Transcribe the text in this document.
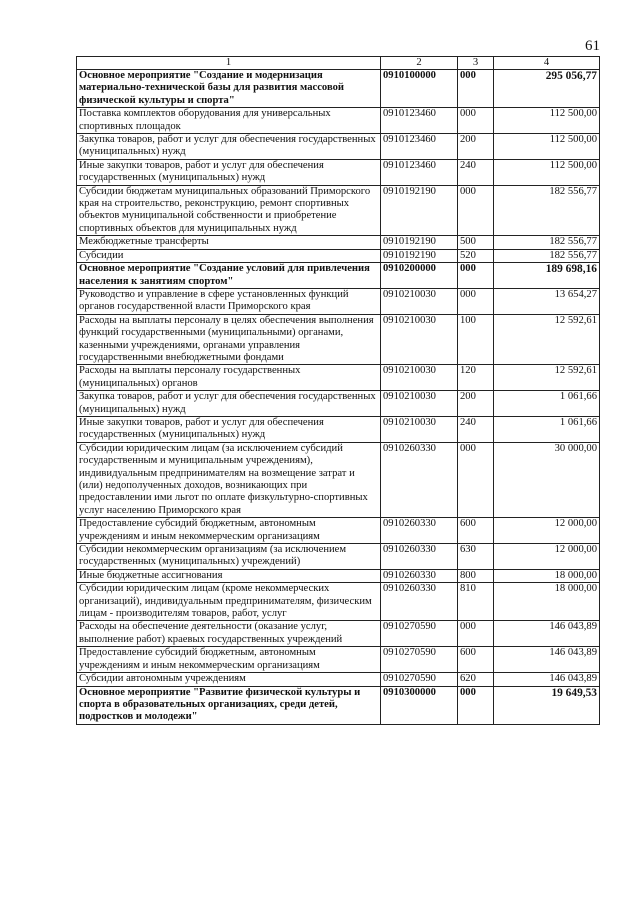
61
1	2	3	4
Основное мероприятие "Создание и модернизация материально-технической базы для развития массовой физической культуры и спорта"	0910100000	000	295 056,77
Поставка комплектов оборудования для универсальных спортивных площадок	0910123460	000	112 500,00
Закупка товаров, работ и услуг для обеспечения государственных (муниципальных) нужд	0910123460	200	112 500,00
Иные закупки товаров, работ и услуг для обеспечения государственных (муниципальных) нужд	0910123460	240	112 500,00
Субсидии бюджетам муниципальных образований Приморского края на строительство, реконструкцию, ремонт спортивных объектов муниципальной собственности и приобретение спортивных объектов для муниципальных нужд	0910192190	000	182 556,77
Межбюджетные трансферты	0910192190	500	182 556,77
Субсидии	0910192190	520	182 556,77
Основное мероприятие "Создание условий для привлечения населения к занятиям спортом"	0910200000	000	189 698,16
Руководство и управление в сфере установленных функций органов государственной власти Приморского края	0910210030	000	13 654,27
Расходы на выплаты персоналу в целях обеспечения выполнения функций государственными (муниципальными) органами, казенными учреждениями, органами управления государственными внебюджетными фондами	0910210030	100	12 592,61
Расходы на выплаты персоналу государственных (муниципальных) органов	0910210030	120	12 592,61
Закупка товаров, работ и услуг для обеспечения государственных (муниципальных) нужд	0910210030	200	1 061,66
Иные закупки товаров, работ и услуг для обеспечения государственных (муниципальных) нужд	0910210030	240	1 061,66
Субсидии юридическим лицам (за исключением субсидий государственным и муниципальным учреждениям), индивидуальным предпринимателям на возмещение затрат и (или) недополученных доходов, возникающих при предоставлении ими льгот по оплате физкультурно-спортивных услуг населению Приморского края	0910260330	000	30 000,00
Предоставление субсидий бюджетным, автономным учреждениям и иным некоммерческим организациям	0910260330	600	12 000,00
Субсидии некоммерческим организациям (за исключением государственных (муниципальных) учреждений)	0910260330	630	12 000,00
Иные бюджетные ассигнования	0910260330	800	18 000,00
Субсидии юридическим лицам (кроме некоммерческих организаций), индивидуальным предпринимателям, физическим лицам - производителям товаров, работ, услуг	0910260330	810	18 000,00
Расходы на обеспечение деятельности (оказание услуг, выполнение работ) краевых государственных учреждений	0910270590	000	146 043,89
Предоставление субсидий бюджетным, автономным учреждениям и иным некоммерческим организациям	0910270590	600	146 043,89
Субсидии автономным учреждениям	0910270590	620	146 043,89
Основное мероприятие "Развитие физической культуры и спорта в образовательных организациях, среди детей, подростков и молодежи"	0910300000	000	19 649,53
